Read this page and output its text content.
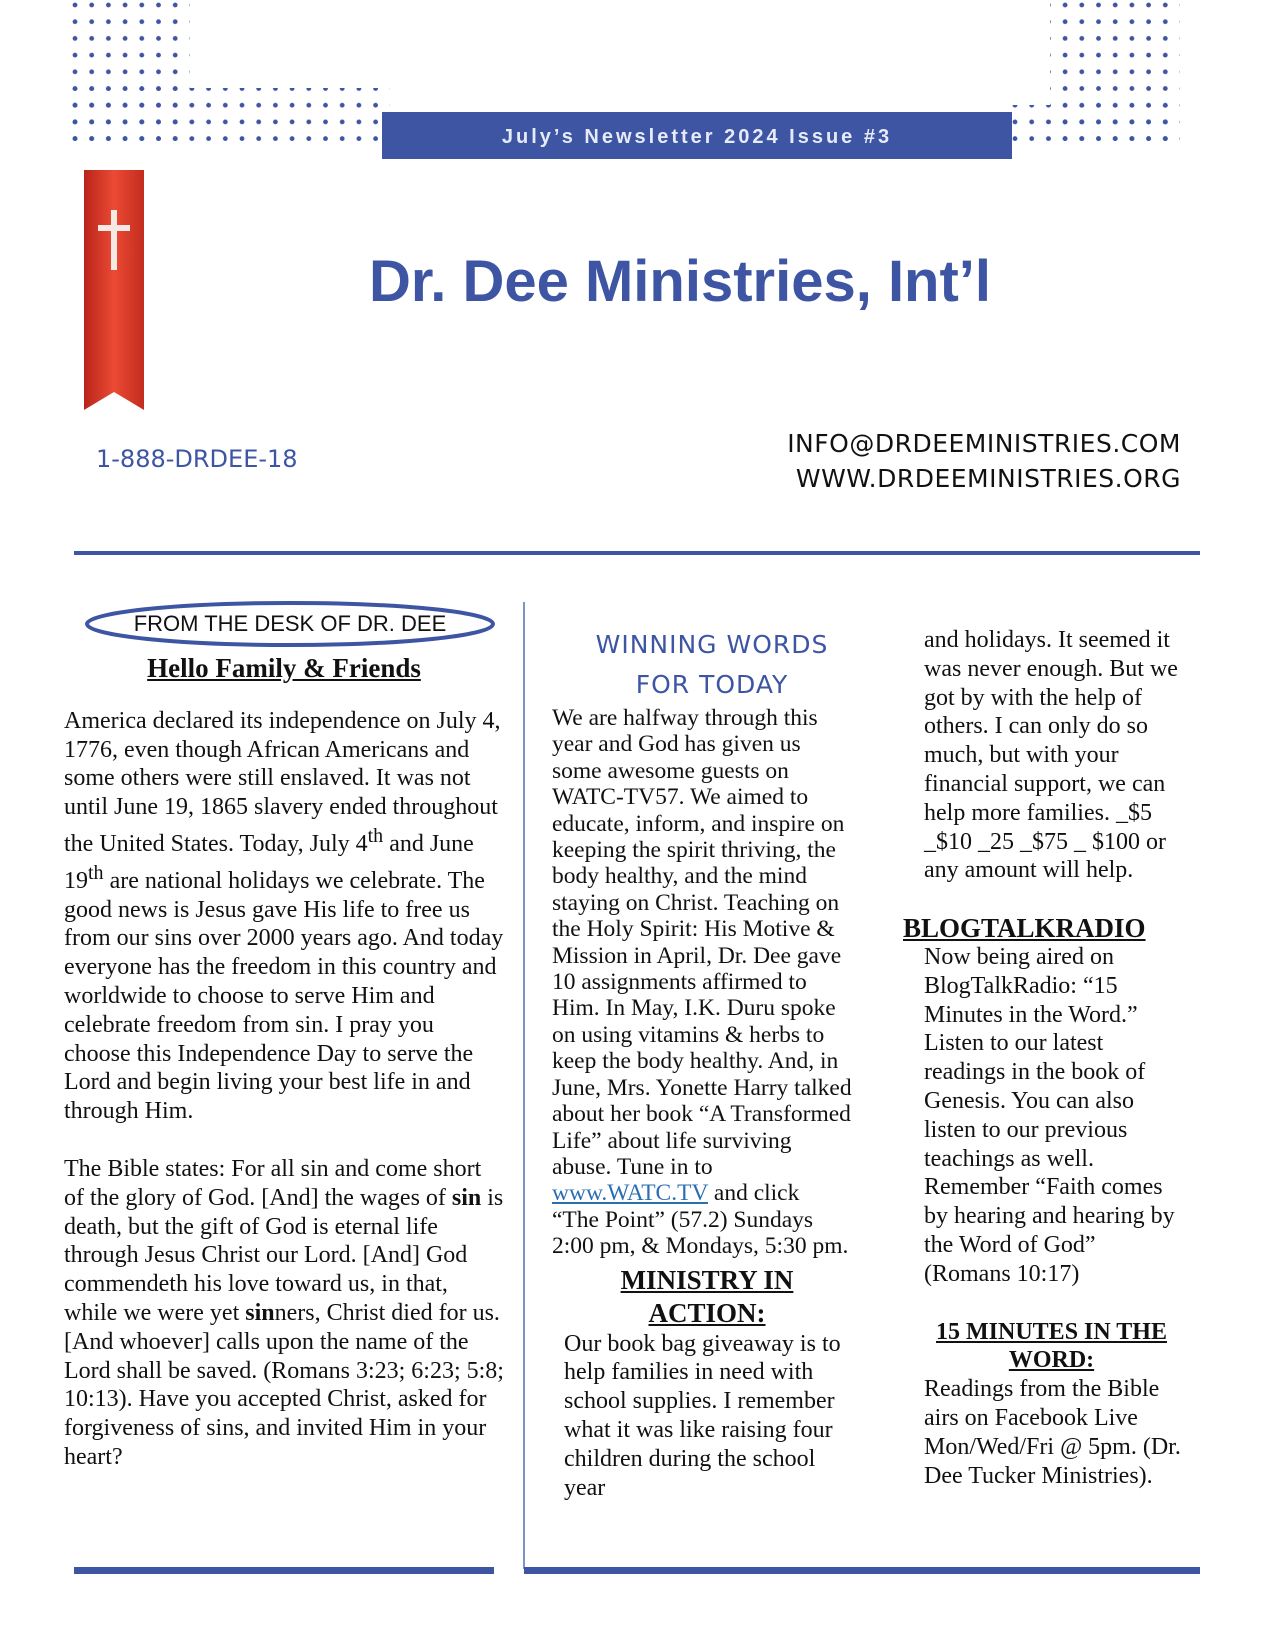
July’s Newsletter 2024 Issue #3
Dr. Dee Ministries, Int’l
1-888-DRDEE-18
INFO@DRDEEMINISTRIES.COM
WWW.DRDEEMINISTRIES.ORG
FROM THE DESK OF DR. DEE
Hello Family & Friends

America declared its independence on July 4, 1776, even though African Americans and some others were still enslaved. It was not until June 19, 1865 slavery ended throughout the United States. Today, July 4th and June 19th are national holidays we celebrate. The good news is Jesus gave His life to free us from our sins over 2000 years ago. And today everyone has the freedom in this country and worldwide to choose to serve Him and celebrate freedom from sin. I pray you choose this Independence Day to serve the Lord and begin living your best life in and through Him.

The Bible states: For all sin and come short of the glory of God. [And] the wages of sin is death, but the gift of God is eternal life through Jesus Christ our Lord. [And] God commendeth his love toward us, in that, while we were yet sinners, Christ died for us. [And whoever] calls upon the name of the Lord shall be saved. (Romans 3:23; 6:23; 5:8; 10:13). Have you accepted Christ, asked for forgiveness of sins, and invited Him in your heart?

WINNING WORDS
FOR TODAY

We are halfway through this year and God has given us some awesome guests on WATC-TV57. We aimed to educate, inform, and inspire on keeping the spirit thriving, the body healthy, and the mind staying on Christ. Teaching on the Holy Spirit: His Motive & Mission in April, Dr. Dee gave 10 assignments affirmed to Him. In May, I.K. Duru spoke on using vitamins & herbs to keep the body healthy. And, in June, Mrs. Yonette Harry talked about her book “A Transformed Life” about life surviving abuse. Tune in to www.WATC.TV and click “The Point” (57.2) Sundays 2:00 pm, & Mondays, 5:30 pm.

MINISTRY IN
ACTION:

Our book bag giveaway is to help families in need with school supplies. I remember what it was like raising four children during the school year

and holidays. It seemed it was never enough. But we got by with the help of others. I can only do so much, but with your financial support, we can help more families. _$5 _$10 _25 _$75 _ $100 or any amount will help.

BLOGTALKRADIO

Now being aired on BlogTalkRadio: “15 Minutes in the Word.” Listen to our latest readings in the book of Genesis. You can also listen to our previous teachings as well. Remember “Faith comes by hearing and hearing by the Word of God” (Romans 10:17)

15 MINUTES IN THE
WORD:

Readings from the Bible airs on Facebook Live Mon/Wed/Fri @ 5pm. (Dr. Dee Tucker Ministries).
